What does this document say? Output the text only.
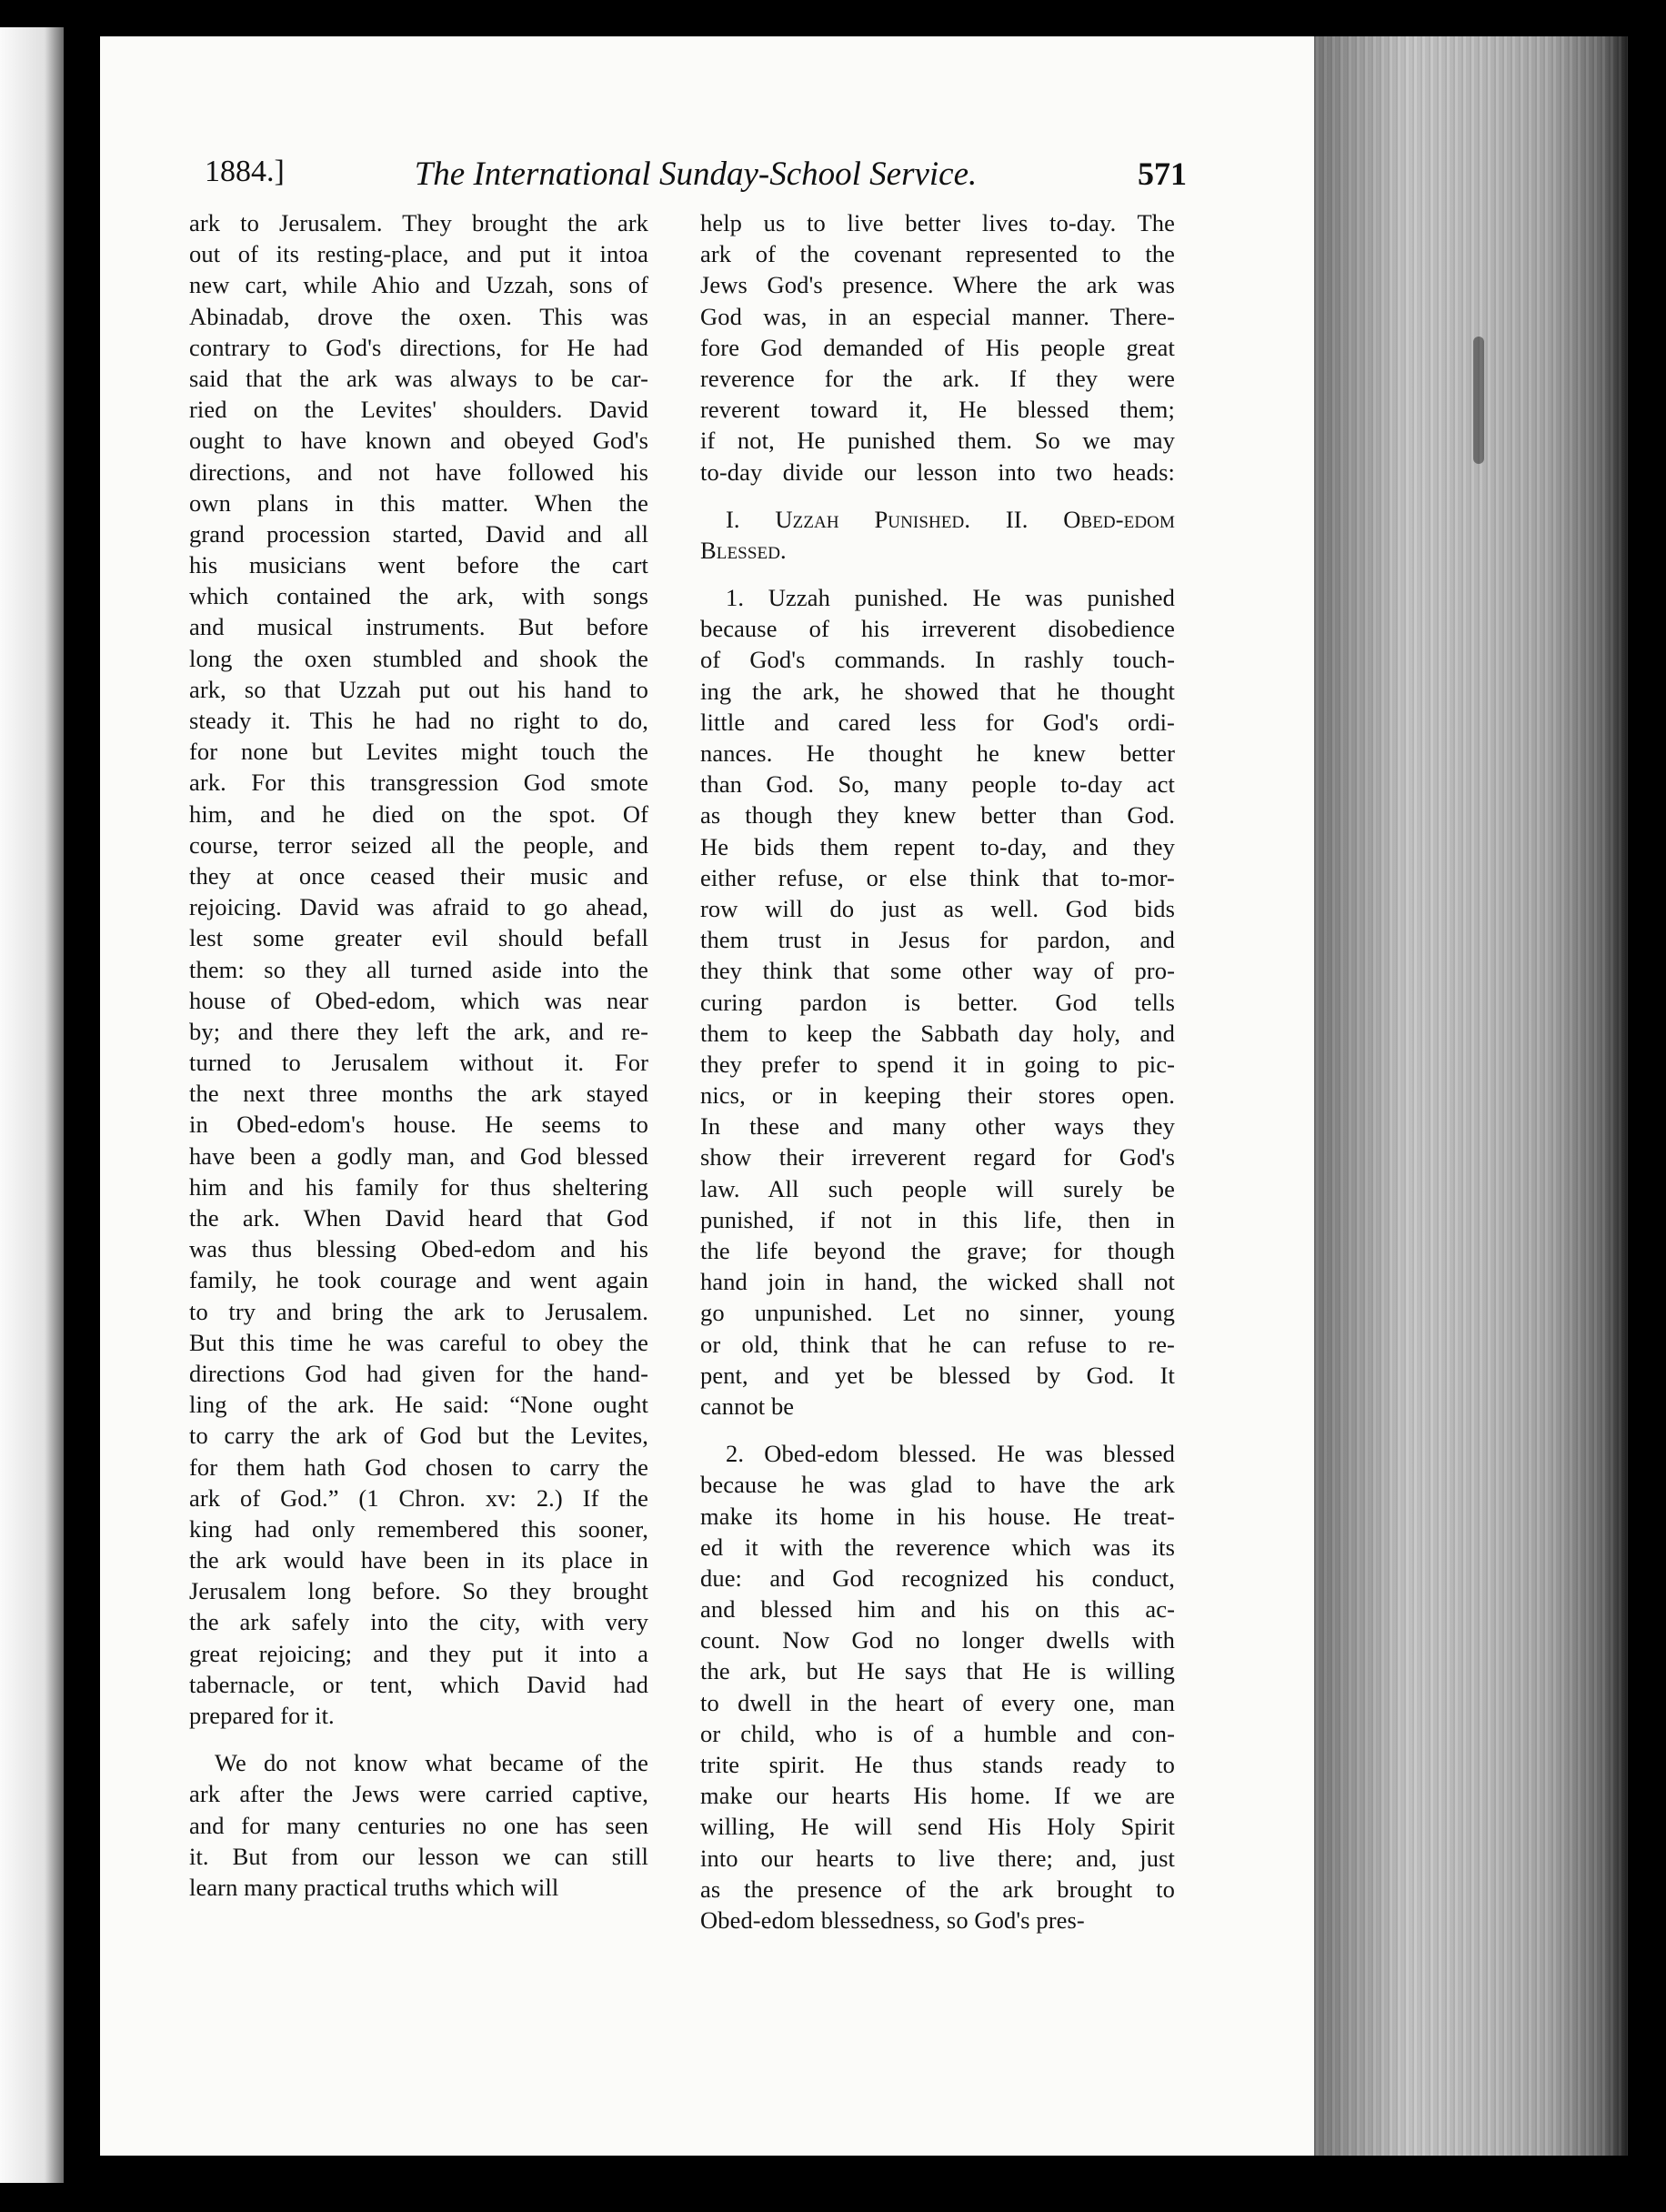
1884.]	The International Sunday-School Service.	571
ark to Jerusalem. They brought the ark
out of its resting-place, and put it intoa
new cart, while Ahio and Uzzah, sons of
Abinadab, drove the oxen. This was
contrary to God's directions, for He had
said that the ark was always to be car-
ried on the Levites' shoulders. David
ought to have known and obeyed God's
directions, and not have followed his
own plans in this matter. When the
grand procession started, David and all
his musicians went before the cart
which contained the ark, with songs
and musical instruments. But before
long the oxen stumbled and shook the
ark, so that Uzzah put out his hand to
steady it. This he had no right to do,
for none but Levites might touch the
ark. For this transgression God smote
him, and he died on the spot. Of
course, terror seized all the people, and
they at once ceased their music and
rejoicing. David was afraid to go ahead,
lest some greater evil should befall
them: so they all turned aside into the
house of Obed-edom, which was near
by; and there they left the ark, and re-
turned to Jerusalem without it. For
the next three months the ark stayed
in Obed-edom's house. He seems to
have been a godly man, and God blessed
him and his family for thus sheltering
the ark. When David heard that God
was thus blessing Obed-edom and his
family, he took courage and went again
to try and bring the ark to Jerusalem.
But this time he was careful to obey the
directions God had given for the hand-
ling of the ark. He said: “None ought
to carry the ark of God but the Levites,
for them hath God chosen to carry the
ark of God.” (1 Chron. xv: 2.) If the
king had only remembered this sooner,
the ark would have been in its place in
Jerusalem long before. So they brought
the ark safely into the city, with very
great rejoicing; and they put it into a
tabernacle, or tent, which David had
prepared for it.
We do not know what became of the
ark after the Jews were carried captive,
and for many centuries no one has seen
it. But from our lesson we can still
learn many practical truths which will
help us to live better lives to-day. The
ark of the covenant represented to the
Jews God's presence. Where the ark was
God was, in an especial manner. There-
fore God demanded of His people great
reverence for the ark. If they were
reverent toward it, He blessed them;
if not, He punished them. So we may
to-day divide our lesson into two heads:
I. Uzzah Punished. II. Obed-edom
Blessed.
1. Uzzah punished. He was punished
because of his irreverent disobedience
of God's commands. In rashly touch-
ing the ark, he showed that he thought
little and cared less for God's ordi-
nances. He thought he knew better
than God. So, many people to-day act
as though they knew better than God.
He bids them repent to-day, and they
either refuse, or else think that to-mor-
row will do just as well. God bids
them trust in Jesus for pardon, and
they think that some other way of pro-
curing pardon is better. God tells
them to keep the Sabbath day holy, and
they prefer to spend it in going to pic-
nics, or in keeping their stores open.
In these and many other ways they
show their irreverent regard for God's
law. All such people will surely be
punished, if not in this life, then in
the life beyond the grave; for though
hand join in hand, the wicked shall not
go unpunished. Let no sinner, young
or old, think that he can refuse to re-
pent, and yet be blessed by God. It
cannot be
2. Obed-edom blessed. He was blessed
because he was glad to have the ark
make its home in his house. He treat-
ed it with the reverence which was its
due: and God recognized his conduct,
and blessed him and his on this ac-
count. Now God no longer dwells with
the ark, but He says that He is willing
to dwell in the heart of every one, man
or child, who is of a humble and con-
trite spirit. He thus stands ready to
make our hearts His home. If we are
willing, He will send His Holy Spirit
into our hearts to live there; and, just
as the presence of the ark brought to
Obed-edom blessedness, so God's pres-
